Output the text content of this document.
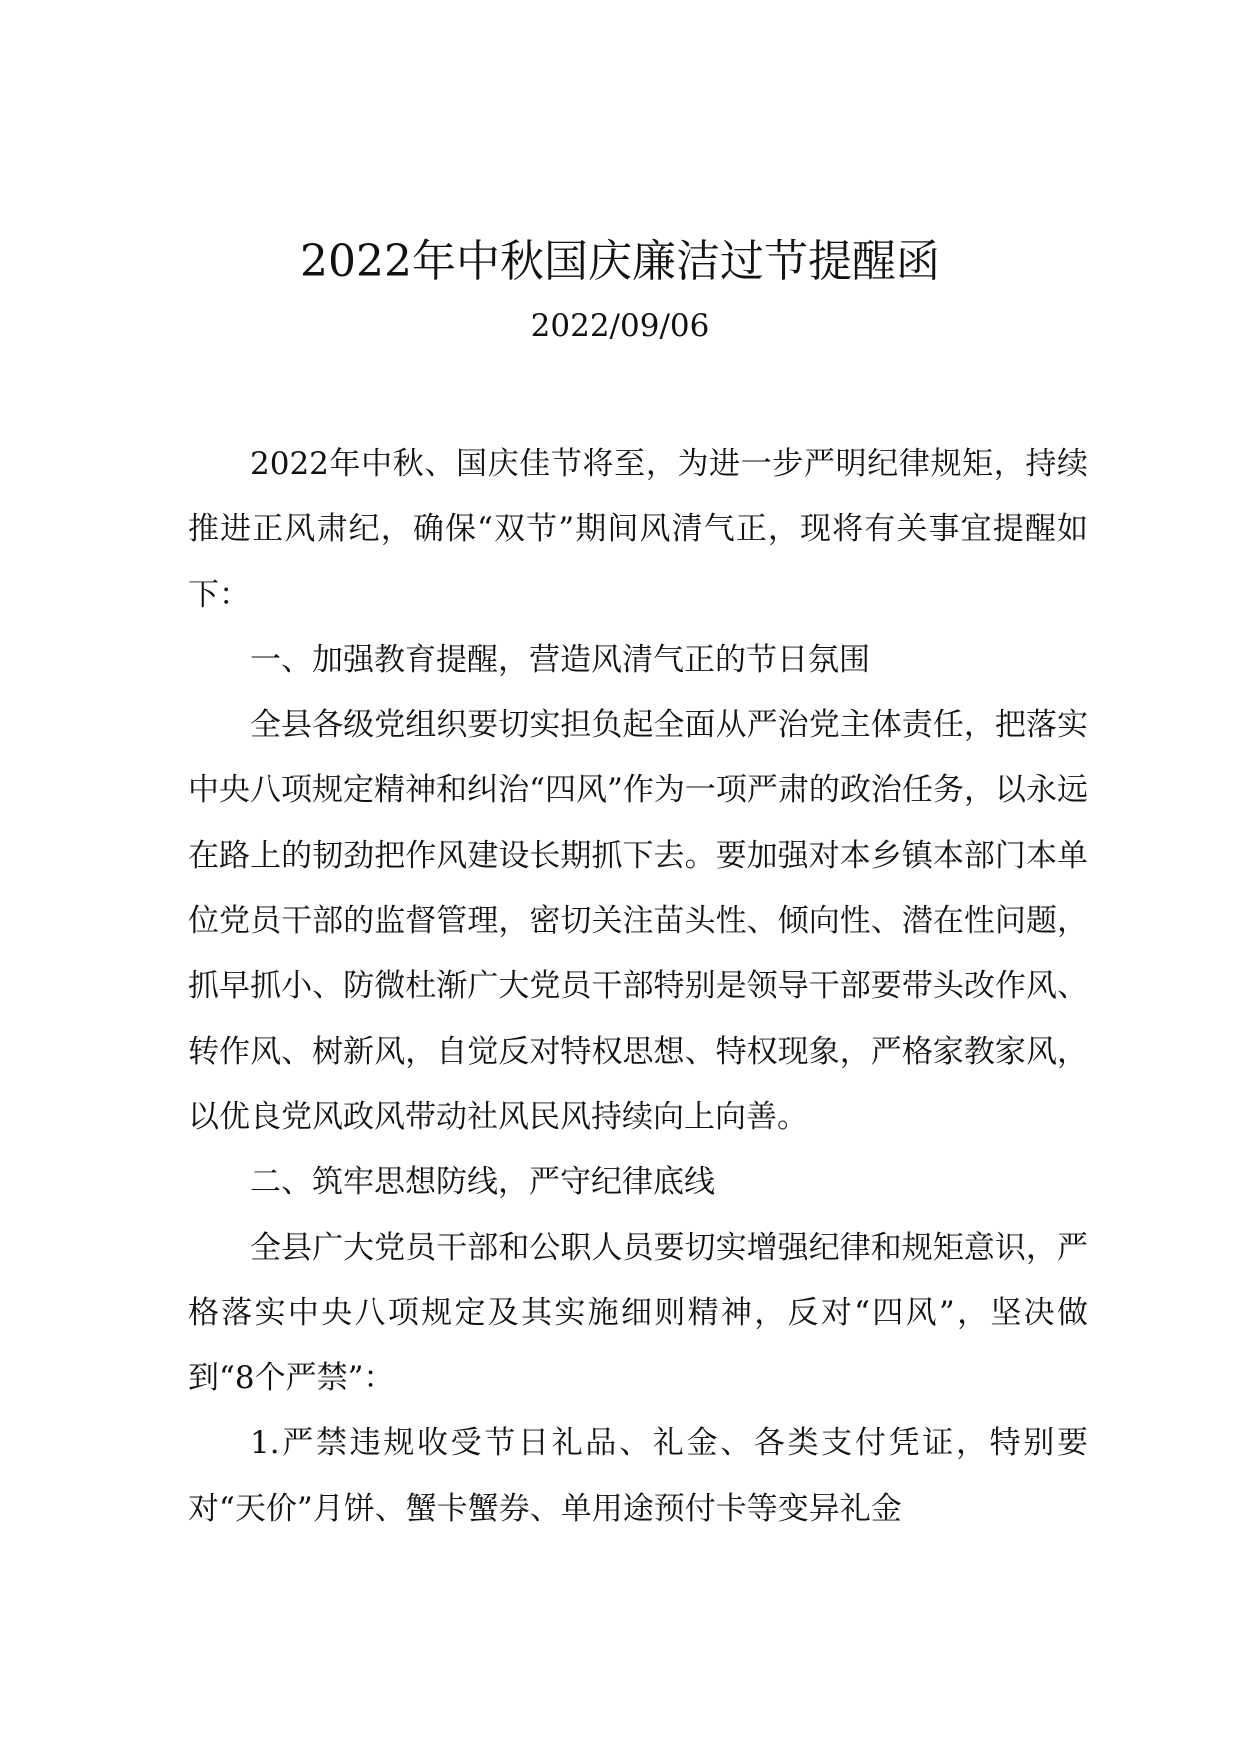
2022年中秋国庆廉洁过节提醒函
2022/09/06

2022年中秋、国庆佳节将至，为进一步严明纪律规矩，持续推进正风肃纪，确保“双节”期间风清气正，现将有关事宜提醒如下：

一、加强教育提醒，营造风清气正的节日氛围

全县各级党组织要切实担负起全面从严治党主体责任，把落实中央八项规定精神和纠治“四风”作为一项严肃的政治任务，以永远在路上的韧劲把作风建设长期抓下去。要加强对本乡镇本部门本单位党员干部的监督管理，密切关注苗头性、倾向性、潜在性问题，抓早抓小、防微杜渐广大党员干部特别是领导干部要带头改作风、转作风、树新风，自觉反对特权思想、特权现象，严格家教家风，以优良党风政风带动社风民风持续向上向善。

二、筑牢思想防线，严守纪律底线

全县广大党员干部和公职人员要切实增强纪律和规矩意识，严格落实中央八项规定及其实施细则精神，反对“四风”，坚决做到“8个严禁”：

1.严禁违规收受节日礼品、礼金、各类支付凭证，特别要对“天价”月饼、蟹卡蟹券、单用途预付卡等变异礼金
